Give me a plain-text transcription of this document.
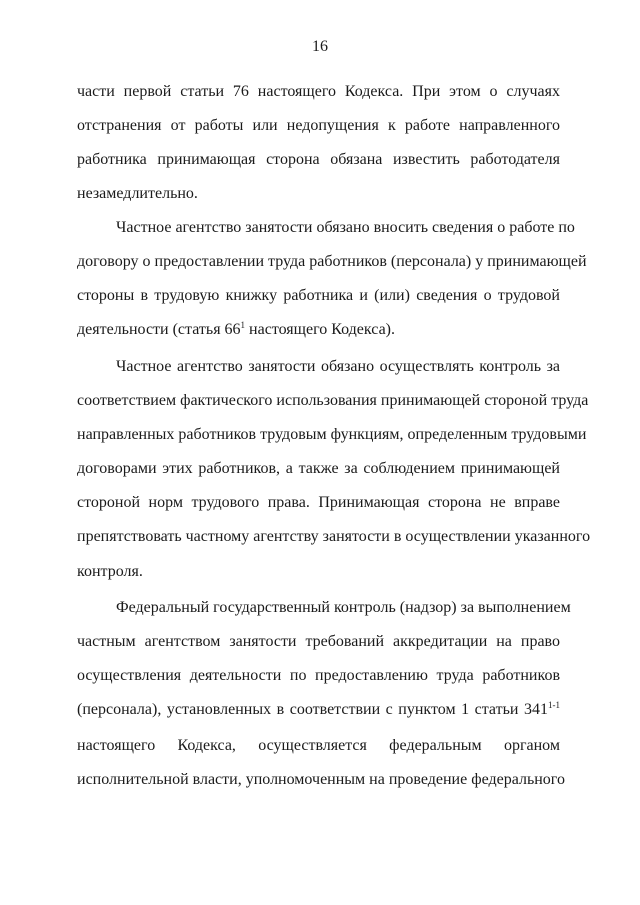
16
части первой статьи 76 настоящего Кодекса. При этом о случаях
отстранения от работы или недопущения к работе направленного
работника принимающая сторона обязана известить работодателя
незамедлительно.
Частное агентство занятости обязано вносить сведения о работе по
договору о предоставлении труда работников (персонала) у принимающей
стороны в трудовую книжку работника и (или) сведения о трудовой
деятельности (статья $66^1$ настоящего Кодекса).
Частное агентство занятости обязано осуществлять контроль за
соответствием фактического использования принимающей стороной труда
направленных работников трудовым функциям, определенным трудовыми
договорами этих работников, а также за соблюдением принимающей
стороной норм трудового права. Принимающая сторона не вправе
препятствовать частному агентству занятости в осуществлении указанного
контроля.
Федеральный государственный контроль (надзор) за выполнением
частным агентством занятости требований аккредитации на право
осуществления деятельности по предоставлению труда работников
(персонала), установленных в соответствии с пунктом 1 статьи 341$^{1-1}$
настоящего Кодекса, осуществляется федеральным органом
исполнительной власти, уполномоченным на проведение федерального
